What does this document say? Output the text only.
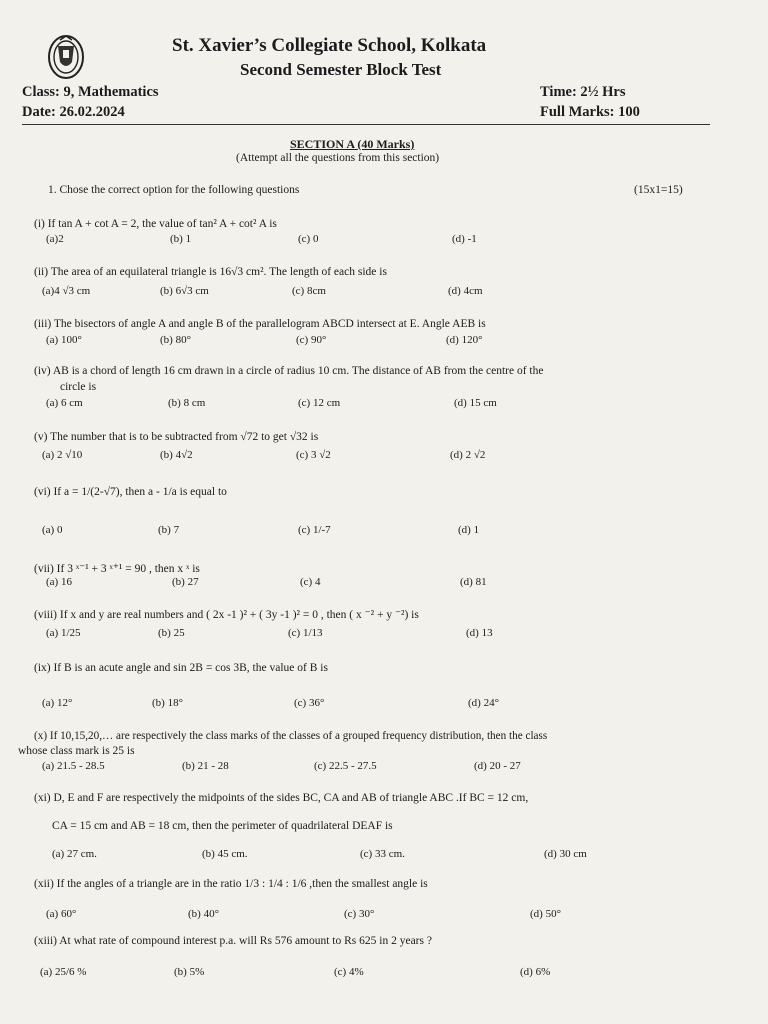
St. Xavier’s Collegiate School, Kolkata
Second Semester Block Test
Class: 9, Mathematics
Date: 26.02.2024
Time: 2½ Hrs
Full Marks: 100
SECTION A (40 Marks)
(Attempt all the questions from this section)
1. Chose the correct option for the following questions	(15x1=15)
(i) If tan A + cot A = 2, the value of tan² A + cot² A is
(a)2	(b) 1	(c) 0	(d) -1
(ii) The area of an equilateral triangle is 16√3 cm². The length of each side is
(a)4 √3 cm	(b) 6√3 cm	(c) 8cm	(d) 4cm
(iii) The bisectors of angle A and angle B of the parallelogram ABCD intersect at E. Angle AEB is
(a) 100°	(b) 80°	(c) 90°	(d) 120°
(iv) AB is a chord of length 16 cm drawn in a circle of radius 10 cm. The distance of AB from the centre of the
circle is
(a) 6 cm	(b) 8 cm	(c) 12 cm	(d) 15 cm
(v) The number that is to be subtracted from √72 to get √32 is
(a) 2 √10	(b) 4√2	(c) 3 √2	(d) 2 √2
(vi) If a = 1/(2-√7), then a - 1/a is equal to
(a) 0	(b) 7	(c) 1/-7	(d) 1
(vii) If 3 ˣ⁻¹ + 3 ˣ⁺¹ = 90 , then x ˣ is
(a) 16	(b) 27	(c) 4	(d) 81
(viii) If x and y are real numbers and ( 2x -1 )² + ( 3y -1 )² = 0 , then ( x ⁻² + y ⁻²) is
(a) 1/25	(b) 25	(c) 1/13	(d) 13
(ix) If B is an acute angle and sin 2B = cos 3B, the value of B is
(a) 12°	(b) 18°	(c) 36°	(d) 24°
(x) If 10,15,20,… are respectively the class marks of the classes of a grouped frequency distribution, then the class
whose class mark is 25 is
(a) 21.5 - 28.5	(b) 21 - 28	(c) 22.5 - 27.5	(d) 20 - 27
(xi) D, E and F are respectively the midpoints of the sides BC, CA and AB of triangle ABC .If BC = 12 cm,
CA = 15 cm and AB = 18 cm, then the perimeter of quadrilateral DEAF is
(a) 27 cm.	(b) 45 cm.	(c) 33 cm.	(d) 30 cm
(xii) If the angles of a triangle are in the ratio 1/3 : 1/4 : 1/6 ,then the smallest angle is
(a) 60°	(b) 40°	(c) 30°	(d) 50°
(xiii) At what rate of compound interest p.a. will Rs 576 amount to Rs 625 in 2 years ?
(a) 25/6 %	(b) 5%	(c) 4%	(d) 6%
